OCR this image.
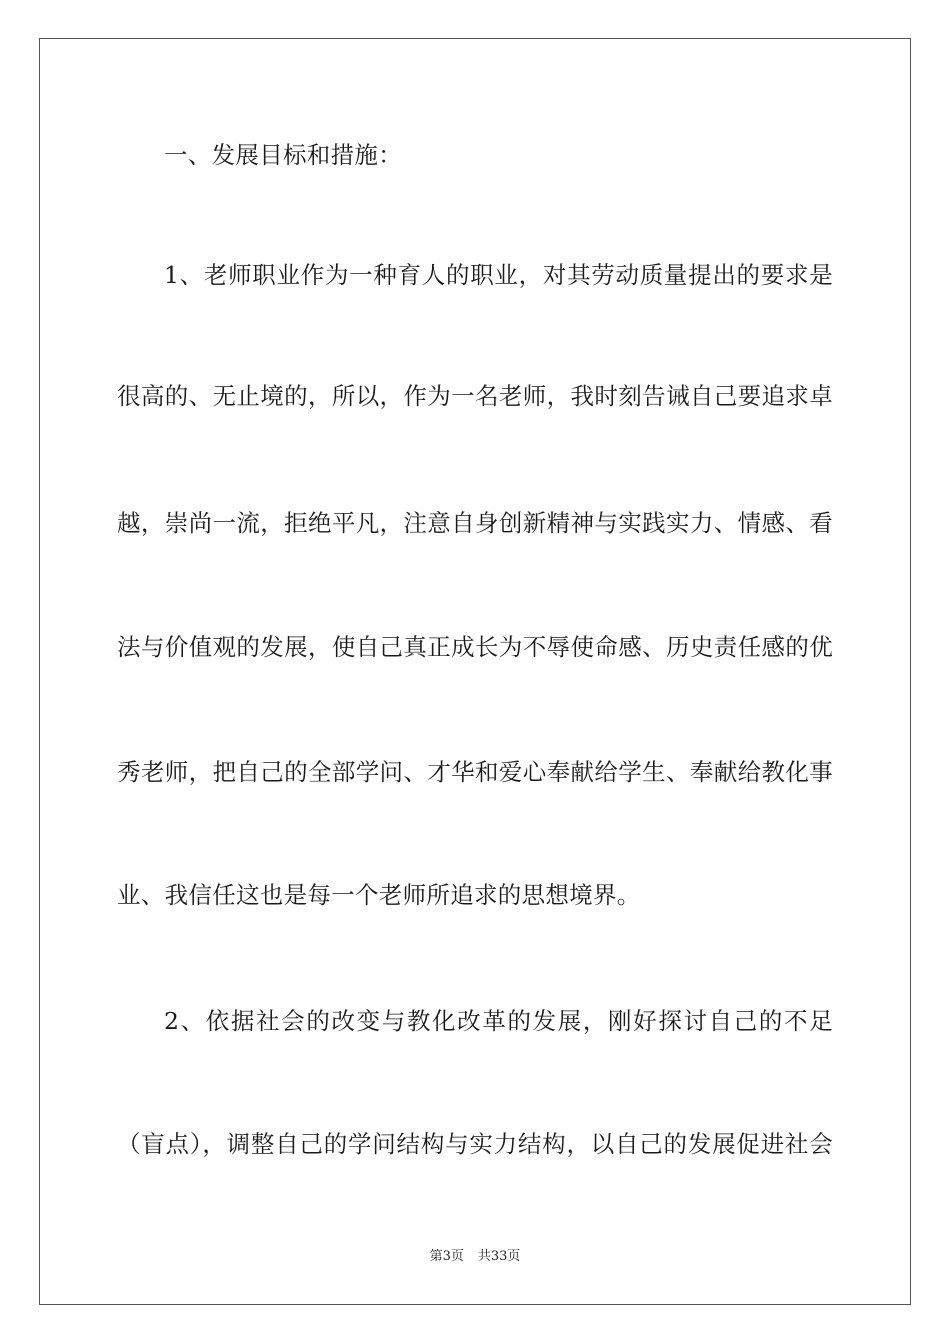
一、发展目标和措施：
1、老师职业作为一种育人的职业，对其劳动质量提出的要求是
很高的、无止境的，所以，作为一名老师，我时刻告诫自己要追求卓
越，崇尚一流，拒绝平凡，注意自身创新精神与实践实力、情感、看
法与价值观的发展，使自己真正成长为不辱使命感、历史责任感的优
秀老师，把自己的全部学问、才华和爱心奉献给学生、奉献给教化事
业、我信任这也是每一个老师所追求的思想境界。
2、依据社会的改变与教化改革的发展，刚好探讨自己的不足
（盲点），调整自己的学问结构与实力结构，以自己的发展促进社会
第3页 共33页
